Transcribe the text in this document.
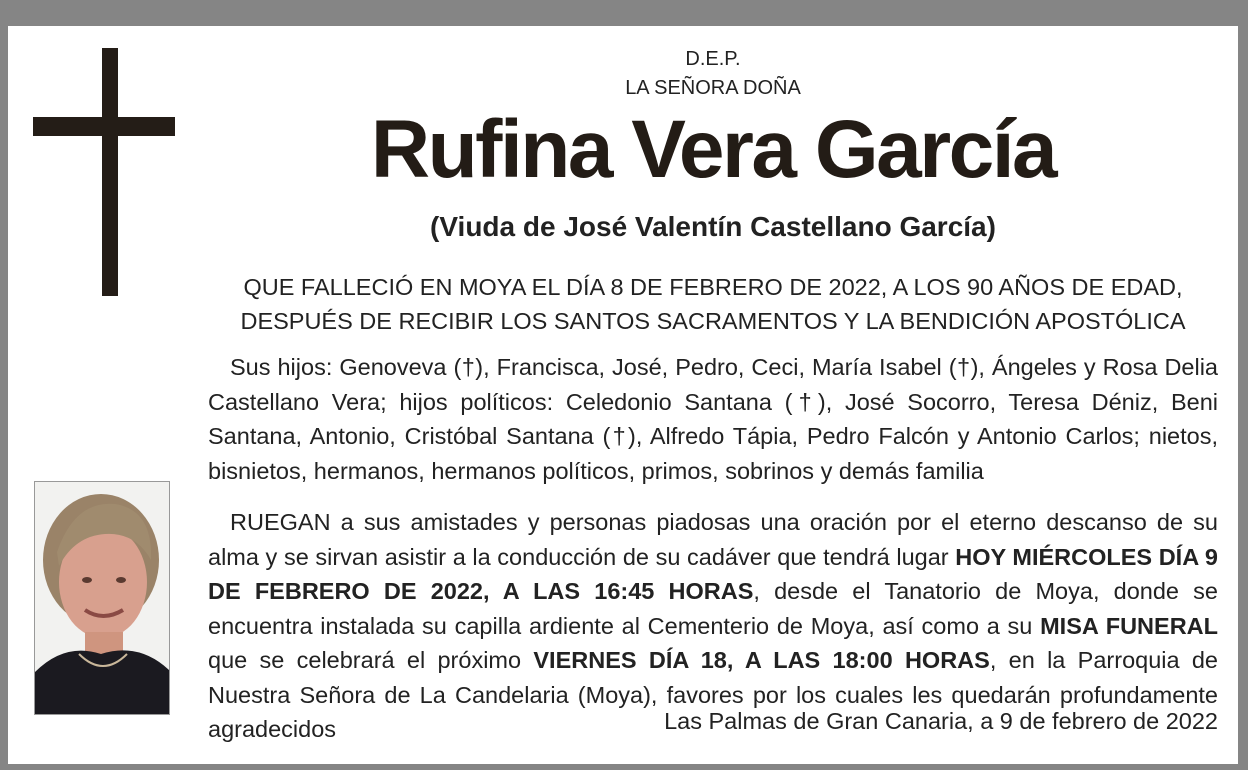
D.E.P.
LA SEÑORA DOÑA
Rufina Vera García
(Viuda de José Valentín Castellano García)
QUE FALLECIÓ EN MOYA EL DÍA 8 DE FEBRERO DE 2022, A LOS 90 AÑOS DE EDAD,
DESPUÉS DE RECIBIR LOS SANTOS SACRAMENTOS Y LA BENDICIÓN APOSTÓLICA
Sus hijos: Genoveva (†), Francisca, José, Pedro, Ceci, María Isabel (†), Ángeles y Rosa Delia Castellano Vera; hijos políticos: Celedonio Santana (†), José Socorro, Teresa Déniz, Beni Santana, Antonio, Cristóbal Santana (†), Alfredo Tápia, Pedro Falcón y Antonio Carlos; nietos, bisnietos, hermanos, hermanos políticos, primos, sobrinos y demás familia
RUEGAN a sus amistades y personas piadosas una oración por el eterno descanso de su alma y se sirvan asistir a la conducción de su cadáver que tendrá lugar HOY MIÉRCOLES DÍA 9 DE FEBRERO DE 2022, A LAS 16:45 HORAS, desde el Tanatorio de Moya, donde se encuentra instalada su capilla ardiente al Cementerio de Moya, así como a su MISA FUNERAL que se celebrará el próximo VIERNES DÍA 18, A LAS 18:00 HORAS, en la Parroquia de Nuestra Señora de La Candelaria (Moya), favores por los cuales les quedarán profundamente agradecidos	Las Palmas de Gran Canaria, a 9 de febrero de 2022
